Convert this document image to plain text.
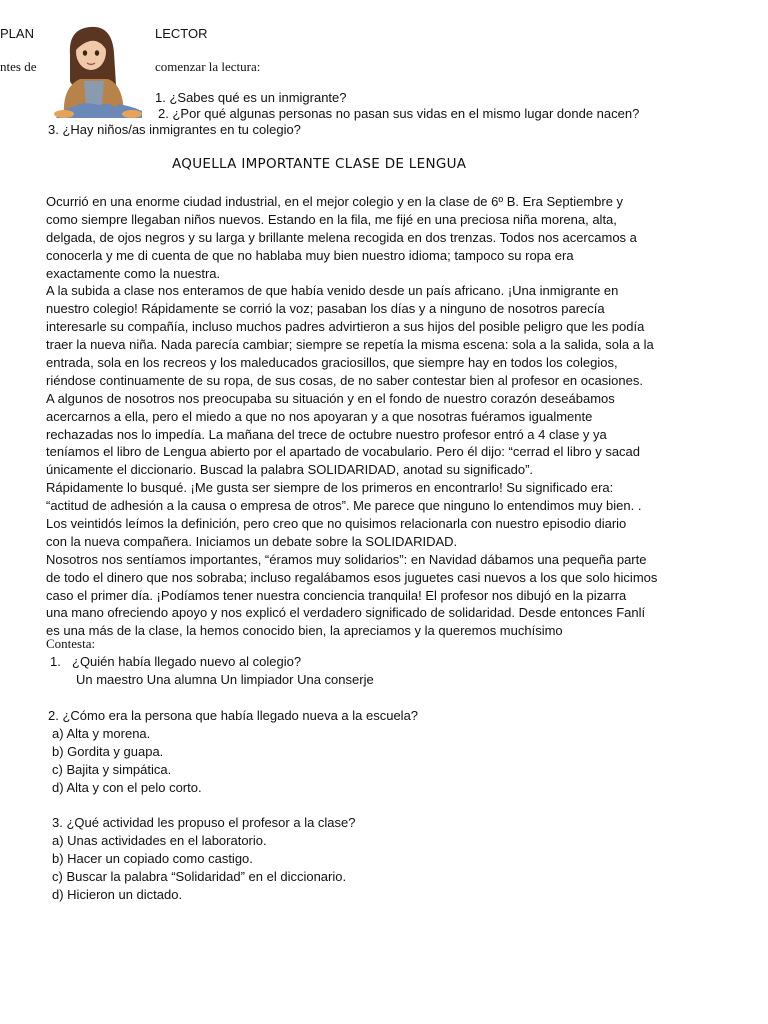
PLAN	LECTOR
ntes de	comenzar la lectura:
1. ¿Sabes qué es un inmigrante?
2. ¿Por qué algunas personas no pasan sus vidas en el mismo lugar donde nacen?
3. ¿Hay niños/as inmigrantes en tu colegio?
AQUELLA IMPORTANTE CLASE DE LENGUA
Ocurrió en una enorme ciudad industrial, en el mejor colegio y en la clase de 6º B. Era Septiembre y
como siempre llegaban niños nuevos. Estando en la fila, me fijé en una preciosa niña morena, alta,
delgada, de ojos negros y su larga y brillante melena recogida en dos trenzas. Todos nos acercamos a
conocerla y me di cuenta de que no hablaba muy bien nuestro idioma; tampoco su ropa era
exactamente como la nuestra.
A la subida a clase nos enteramos de que había venido desde un país africano. ¡Una inmigrante en
nuestro colegio! Rápidamente se corrió la voz; pasaban los días y a ninguno de nosotros parecía
interesarle su compañía, incluso muchos padres advirtieron a sus hijos del posible peligro que les podía
traer la nueva niña. Nada parecía cambiar; siempre se repetía la misma escena: sola a la salida, sola a la
entrada, sola en los recreos y los maleducados graciosillos, que siempre hay en todos los colegios,
riéndose continuamente de su ropa, de sus cosas, de no saber contestar bien al profesor en ocasiones.
A algunos de nosotros nos preocupaba su situación y en el fondo de nuestro corazón deseábamos
acercarnos a ella, pero el miedo a que no nos apoyaran y a que nosotras fuéramos igualmente
rechazadas nos lo impedía. La mañana del trece de octubre nuestro profesor entró a 4 clase y ya
teníamos el libro de Lengua abierto por el apartado de vocabulario. Pero él dijo: “cerrad el libro y sacad
únicamente el diccionario. Buscad la palabra SOLIDARIDAD, anotad su significado”.
Rápidamente lo busqué. ¡Me gusta ser siempre de los primeros en encontrarlo! Su significado era:
“actitud de adhesión a la causa o empresa de otros”. Me parece que ninguno lo entendimos muy bien. .
Los veintidós leímos la definición, pero creo que no quisimos relacionarla con nuestro episodio diario
con la nueva compañera. Iniciamos un debate sobre la SOLIDARIDAD.
Nosotros nos sentíamos importantes, “éramos muy solidarios”: en Navidad dábamos una pequeña parte
de todo el dinero que nos sobraba; incluso regalábamos esos juguetes casi nuevos a los que solo hicimos
caso el primer día. ¡Podíamos tener nuestra conciencia tranquila! El profesor nos dibujó en la pizarra
una mano ofreciendo apoyo y nos explicó el verdadero significado de solidaridad. Desde entonces Fanlí
es una más de la clase, la hemos conocido bien, la apreciamos y la queremos muchísimo
Contesta:
1. ¿Quién había llegado nuevo al colegio?
Un maestro Una alumna Un limpiador Una conserje
2. ¿Cómo era la persona que había llegado nueva a la escuela?
a) Alta y morena.
b) Gordita y guapa.
c) Bajita y simpática.
d) Alta y con el pelo corto.
3. ¿Qué actividad les propuso el profesor a la clase?
a) Unas actividades en el laboratorio.
b) Hacer un copiado como castigo.
c) Buscar la palabra “Solidaridad” en el diccionario.
d) Hicieron un dictado.
